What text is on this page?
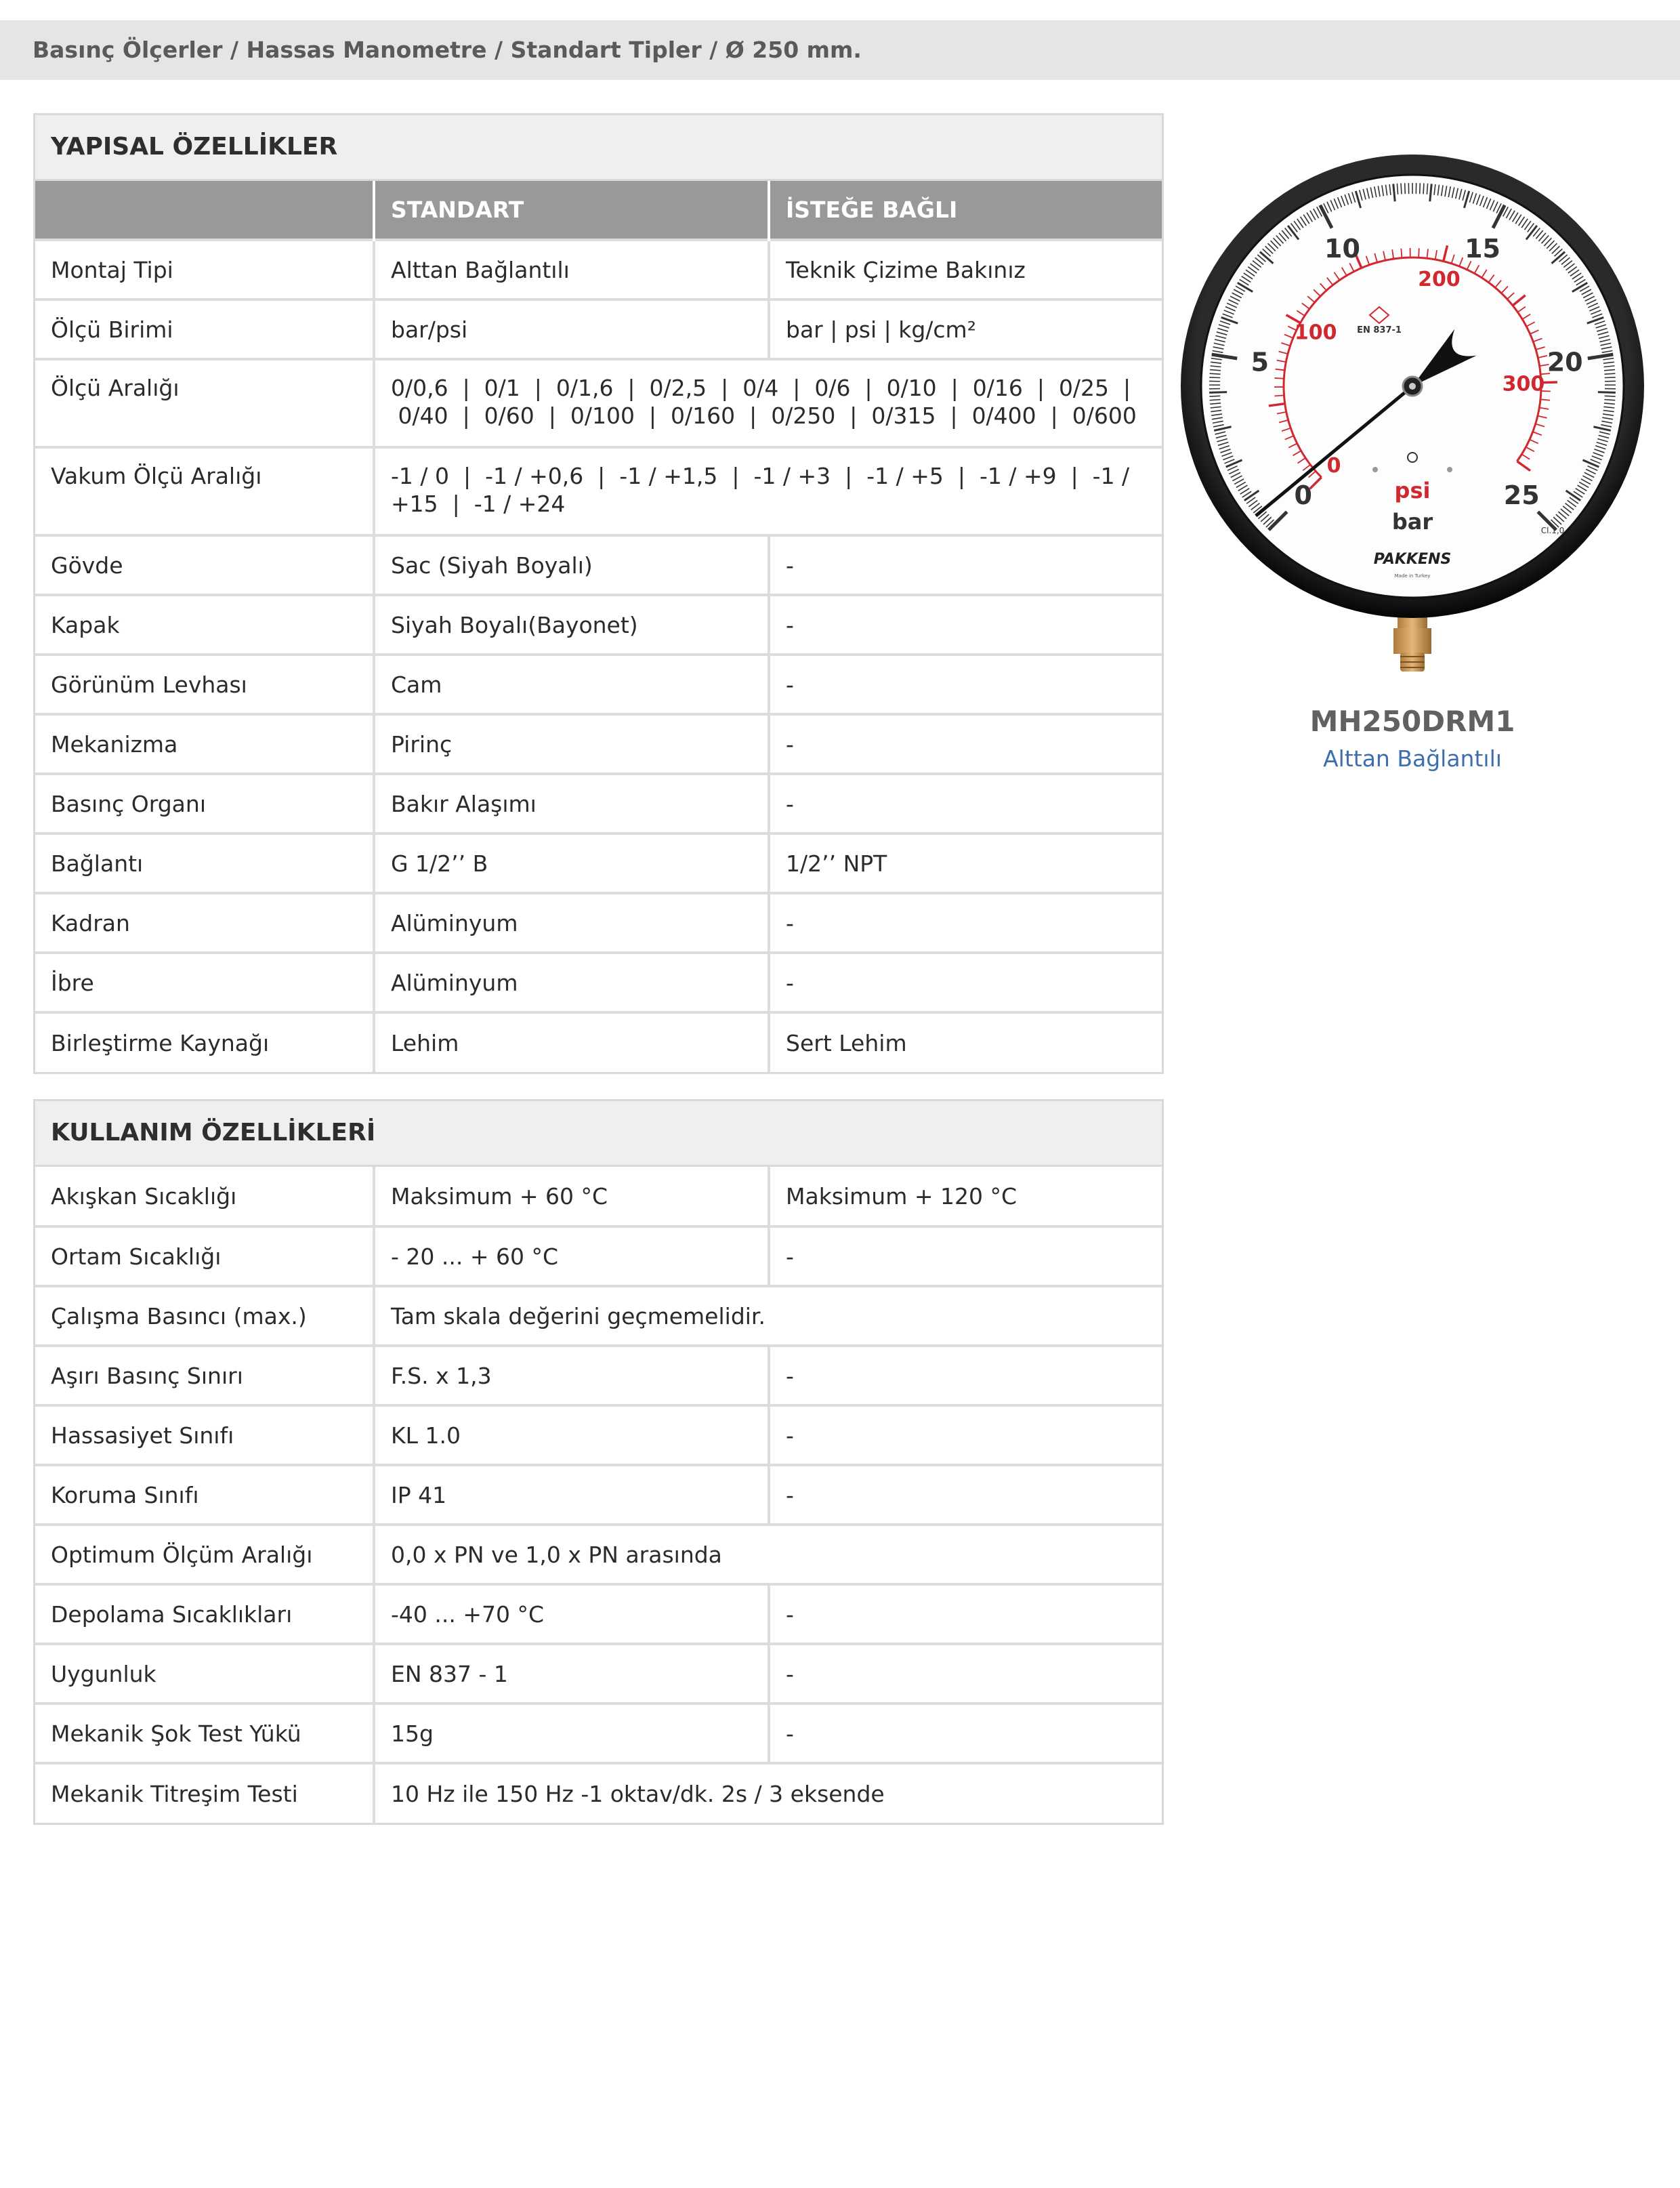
Basınç Ölçerler / Hassas Manometre / Standart Tipler / Ø 250 mm.
YAPISAL ÖZELLİKLER
	STANDART	İSTEĞE BAĞLI
Montaj Tipi	Alttan Bağlantılı	Teknik Çizime Bakınız
Ölçü Birimi	bar/psi	bar | psi | kg/cm²
Ölçü Aralığı	0/0,6  |  0/1  |  0/1,6  |  0/2,5  |  0/4  |  0/6  |  0/10  |  0/16  |  0/25  |
0/40  |  0/60  |  0/100  |  0/160  |  0/250  |  0/315  |  0/400  |  0/600	

Vakum Ölçü Aralığı	-1 / 0  |  -1 / +0,6  |  -1 / +1,5  |  -1 / +3  |  -1 / +5  |  -1 / +9  |  -1 /
+15  |  -1 / +24	

Gövde	Sac (Siyah Boyalı)	-
Kapak	Siyah Boyalı(Bayonet)	-
Görünüm Levhası	Cam	-
Mekanizma	Pirinç	-
Basınç Organı	Bakır Alaşımı	-
Bağlantı	G 1/2’’ B	1/2’’ NPT
Kadran	Alüminyum	-
İbre	Alüminyum	-
Birleştirme Kaynağı	Lehim	Sert Lehim
KULLANIM ÖZELLİKLERİ
Akışkan Sıcaklığı	Maksimum + 60 °C	Maksimum + 120 °C
Ortam Sıcaklığı	- 20 ... + 60 °C	-
Çalışma Basıncı (max.)	Tam skala değerini geçmemelidir.	
Aşırı Basınç Sınırı	F.S. x 1,3	-
Hassasiyet Sınıfı	KL 1.0	-
Koruma Sınıfı	IP 41	-
Optimum Ölçüm Aralığı	0,0 x PN ve 1,0 x PN arasında	
Depolama Sıcaklıkları	-40 ... +70 °C	-
Uygunluk	EN 837 - 1	-
Mekanik Şok Test Yükü	15g	-
Mekanik Titreşim Testi	10 Hz ile 150 Hz -1 oktav/dk. 2s / 3 eksende	
0
5
10	15
20
25
0
100
200
300
psi
bar
PAKKENS
Made in Turkey
EN 837-1
Cl.1,0
MH250DRM1
Alttan Bağlantılı
